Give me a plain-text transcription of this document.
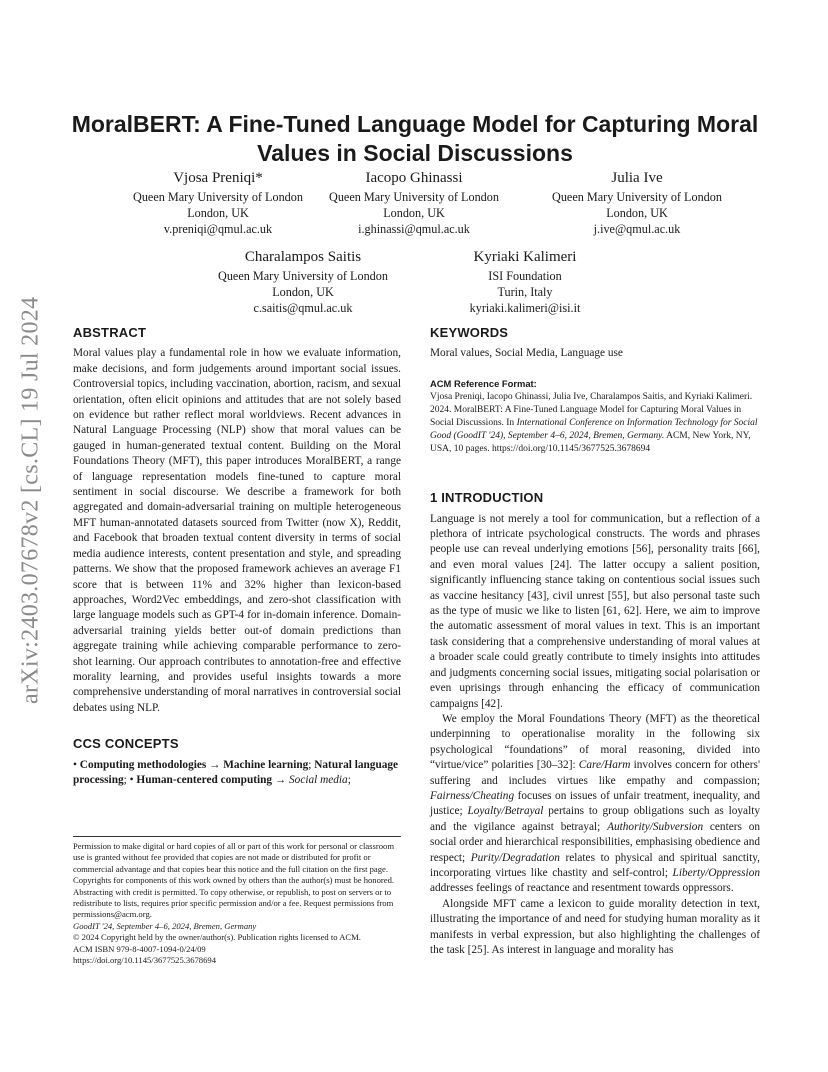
arXiv:2403.07678v2 [cs.CL] 19 Jul 2024
MoralBERT: A Fine-Tuned Language Model for Capturing Moral Values in Social Discussions
Vjosa Preniqi*
Queen Mary University of London
London, UK
v.preniqi@qmul.ac.uk
Iacopo Ghinassi
Queen Mary University of London
London, UK
i.ghinassi@qmul.ac.uk
Julia Ive
Queen Mary University of London
London, UK
j.ive@qmul.ac.uk
Charalampos Saitis
Queen Mary University of London
London, UK
c.saitis@qmul.ac.uk
Kyriaki Kalimeri
ISI Foundation
Turin, Italy
kyriaki.kalimeri@isi.it
ABSTRACT

Moral values play a fundamental role in how we evaluate information, make decisions, and form judgements around important social issues. Controversial topics, including vaccination, abortion, racism, and sexual orientation, often elicit opinions and attitudes that are not solely based on evidence but rather reflect moral worldviews. Recent advances in Natural Language Processing (NLP) show that moral values can be gauged in human-generated textual content. Building on the Moral Foundations Theory (MFT), this paper introduces MoralBERT, a range of language representation models fine-tuned to capture moral sentiment in social discourse. We describe a framework for both aggregated and domain-adversarial training on multiple heterogeneous MFT human-annotated datasets sourced from Twitter (now X), Reddit, and Facebook that broaden textual content diversity in terms of social media audience interests, content presentation and style, and spreading patterns. We show that the proposed framework achieves an average F1 score that is between 11% and 32% higher than lexicon-based approaches, Word2Vec embeddings, and zero-shot classification with large language models such as GPT-4 for in-domain inference. Domain-adversarial training yields better out-of domain predictions than aggregate training while achieving comparable performance to zero-shot learning. Our approach contributes to annotation-free and effective morality learning, and provides useful insights towards a more comprehensive understanding of moral narratives in controversial social debates using NLP.

CCS CONCEPTS

• Computing methodologies → Machine learning; Natural language processing; • Human-centered computing → Social media;

Permission to make digital or hard copies of all or part of this work for personal or classroom use is granted without fee provided that copies are not made or distributed for profit or commercial advantage and that copies bear this notice and the full citation on the first page. Copyrights for components of this work owned by others than the author(s) must be honored. Abstracting with credit is permitted. To copy otherwise, or republish, to post on servers or to redistribute to lists, requires prior specific permission and/or a fee. Request permissions from permissions@acm.org.

GoodIT '24, September 4–6, 2024, Bremen, Germany

© 2024 Copyright held by the owner/author(s). Publication rights licensed to ACM.

ACM ISBN 979-8-4007-1094-0/24/09

https://doi.org/10.1145/3677525.3678694

KEYWORDS

Moral values, Social Media, Language use

ACM Reference Format:

Vjosa Preniqi, Iacopo Ghinassi, Julia Ive, Charalampos Saitis, and Kyriaki Kalimeri. 2024. MoralBERT: A Fine-Tuned Language Model for Capturing Moral Values in Social Discussions. In International Conference on Information Technology for Social Good (GoodIT '24), September 4–6, 2024, Bremen, Germany. ACM, New York, NY, USA, 10 pages. https://doi.org/10.1145/3677525.3678694

1 INTRODUCTION

Language is not merely a tool for communication, but a reflection of a plethora of intricate psychological constructs. The words and phrases people use can reveal underlying emotions [56], personality traits [66], and even moral values [24]. The latter occupy a salient position, significantly influencing stance taking on contentious social issues such as vaccine hesitancy [43], civil unrest [55], but also personal taste such as the type of music we like to listen [61, 62]. Here, we aim to improve the automatic assessment of moral values in text. This is an important task considering that a comprehensive understanding of moral values at a broader scale could greatly contribute to timely insights into attitudes and judgments concerning social issues, mitigating social polarisation or even uprisings through enhancing the efficacy of communication campaigns [42].

We employ the Moral Foundations Theory (MFT) as the theoretical underpinning to operationalise morality in the following six psychological “foundations” of moral reasoning, divided into “virtue/vice” polarities [30–32]: Care/Harm involves concern for others' suffering and includes virtues like empathy and compassion; Fairness/Cheating focuses on issues of unfair treatment, inequality, and justice; Loyalty/Betrayal pertains to group obligations such as loyalty and the vigilance against betrayal; Authority/Subversion centers on social order and hierarchical responsibilities, emphasising obedience and respect; Purity/Degradation relates to physical and spiritual sanctity, incorporating virtues like chastity and self-control; Liberty/Oppression addresses feelings of reactance and resentment towards oppressors.

Alongside MFT came a lexicon to guide morality detection in text, illustrating the importance of and need for studying human morality as it manifests in verbal expression, but also highlighting the challenges of the task [25]. As interest in language and morality has
